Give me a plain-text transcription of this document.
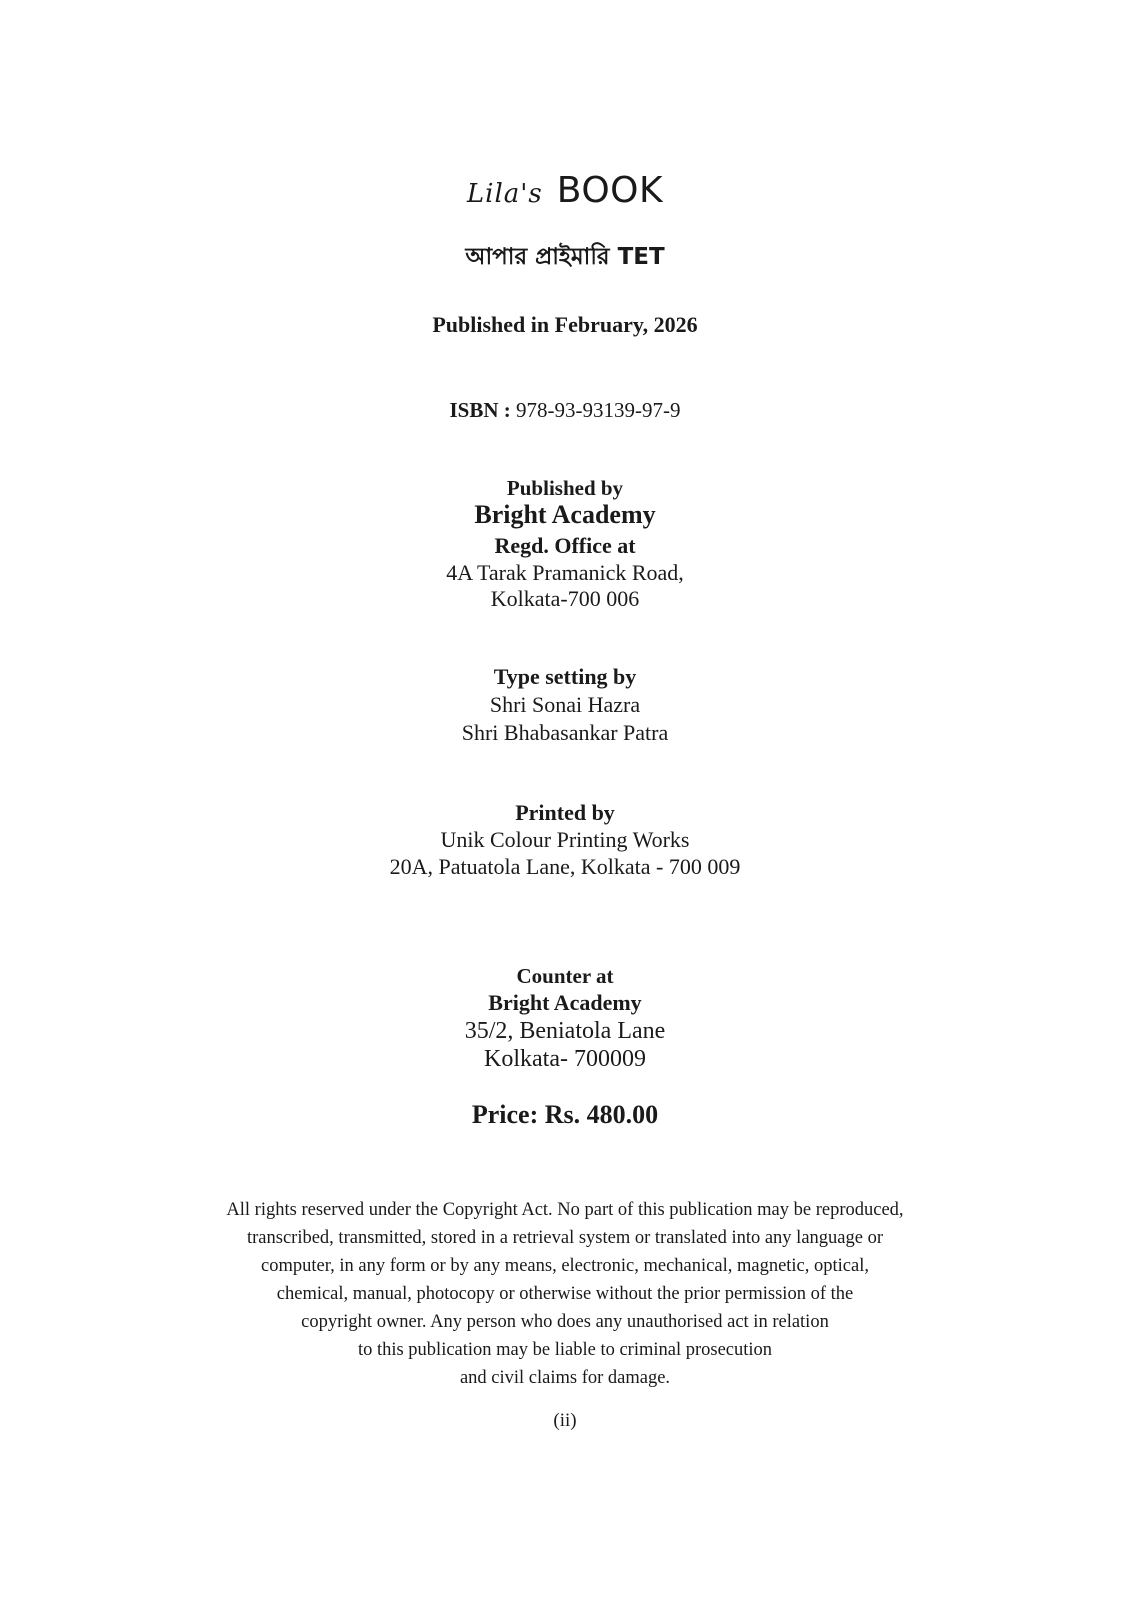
Lila's BOOK

আপার প্রাইমারি TET

Published in February, 2026

ISBN : 978-93-93139-97-9

Published by

Bright Academy

Regd. Office at

4A Tarak Pramanick Road,

Kolkata-700 006

Type setting by

Shri Sonai Hazra

Shri Bhabasankar Patra

Printed by

Unik Colour Printing Works

20A, Patuatola Lane, Kolkata - 700 009

Counter at

Bright Academy

35/2, Beniatola Lane

Kolkata- 700009

Price: Rs. 480.00

All rights reserved under the Copyright Act. No part of this publication may be reproduced,
transcribed, transmitted, stored in a retrieval system or translated into any language or
computer, in any form or by any means, electronic, mechanical, magnetic, optical,
chemical, manual, photocopy or otherwise without the prior permission of the
copyright owner. Any person who does any unauthorised act in relation
to this publication may be liable to criminal prosecution
and civil claims for damage.

(ii)
